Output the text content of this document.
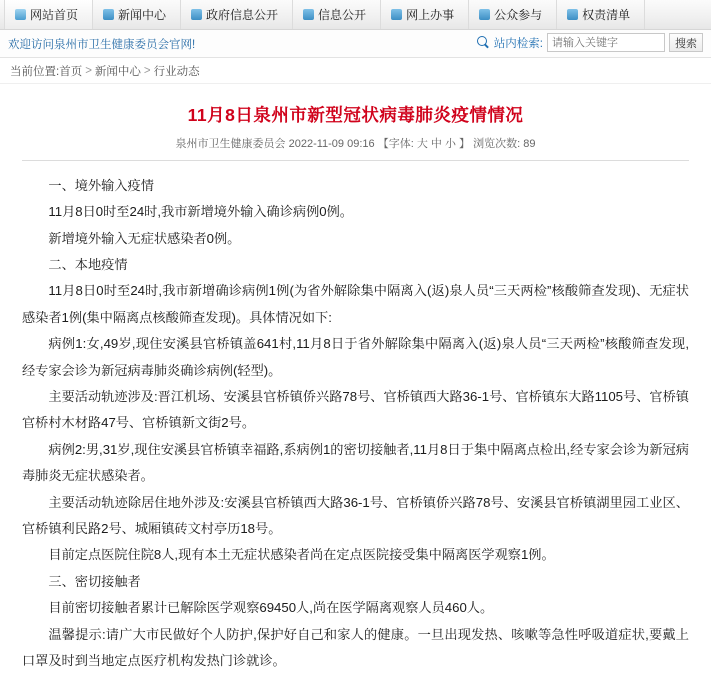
网站首页	新闻中心	政府信息公开	信息公开	网上办事	公众参与	权责清单
欢迎访问泉州市卫生健康委员会官网!	站内检索:
请输入关键字	搜索
当前位置: 首页 > 新闻中心 > 行业动态
11月8日泉州市新型冠状病毒肺炎疫情情况
泉州市卫生健康委员会 2022-11-09 09:16 【字体: 大 中 小 】 浏览次数: 89

一、境外输入疫情

11月8日0时至24时,我市新增境外输入确诊病例0例。

新增境外输入无症状感染者0例。

二、本地疫情

11月8日0时至24时,我市新增确诊病例1例(为省外解除集中隔离入(返)泉人员“三天两检”核酸筛查发现)、无症状感染者1例(集中隔离点核酸筛查发现)。具体情况如下:

病例1:女,49岁,现住安溪县官桥镇盖641村,11月8日于省外解除集中隔离入(返)泉人员“三天两检”核酸筛查发现,经专家会诊为新冠病毒肺炎确诊病例(轻型)。

主要活动轨迹涉及:晋江机场、安溪县官桥镇侨兴路78号、官桥镇西大路36-1号、官桥镇东大路1105号、官桥镇官桥村木材路47号、官桥镇新文街2号。

病例2:男,31岁,现住安溪县官桥镇幸福路,系病例1的密切接触者,11月8日于集中隔离点检出,经专家会诊为新冠病毒肺炎无症状感染者。

主要活动轨迹除居住地外涉及:安溪县官桥镇西大路36-1号、官桥镇侨兴路78号、安溪县官桥镇湖里园工业区、官桥镇利民路2号、城厢镇砖文村亭历18号。

目前定点医院住院8人,现有本土无症状感染者尚在定点医院接受集中隔离医学观察1例。

三、密切接触者

目前密切接触者累计已解除医学观察69450人,尚在医学隔离观察人员460人。

温馨提示:请广大市民做好个人防护,保护好自己和家人的健康。一旦出现发热、咳嗽等急性呼吸道症状,要戴上口罩及时到当地定点医疗机构发热门诊就诊。
